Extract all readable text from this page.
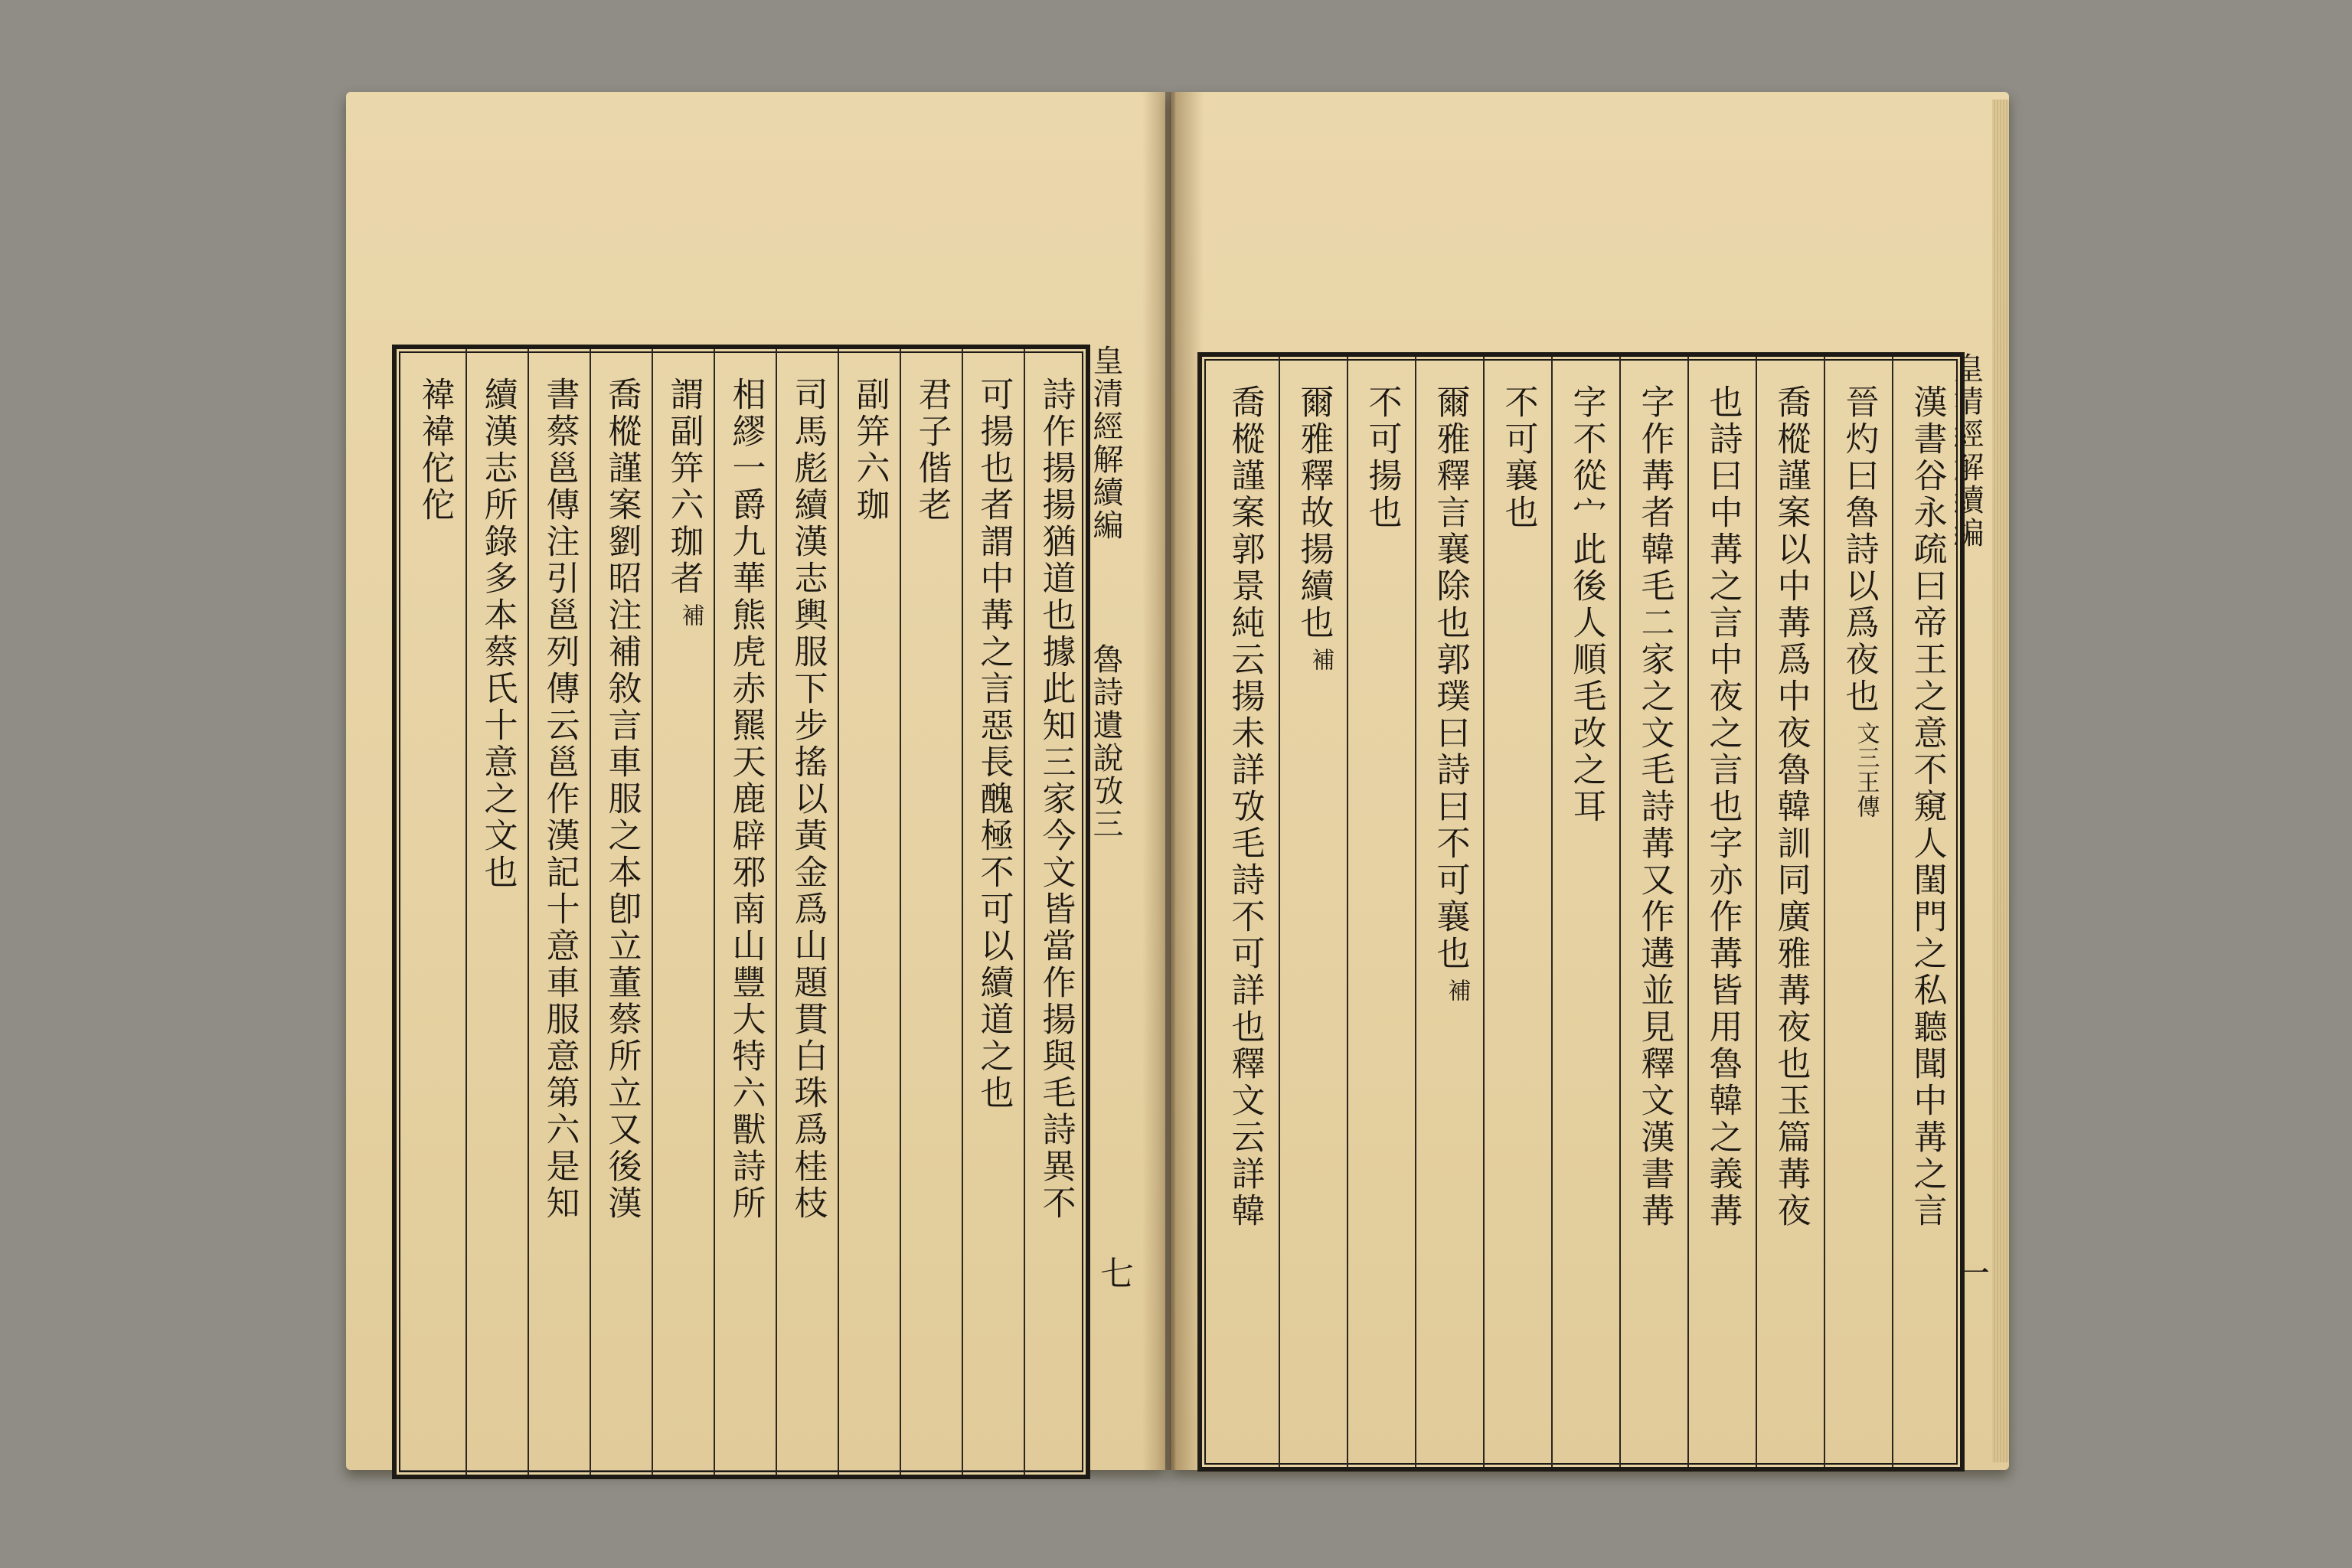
皇清經解續編
魯詩遺說攷三
七
詩作揚揚猶道也據此知三家今文皆當作揚與毛詩異不
可揚也者謂中冓之言惡長醜極不可以續道之也
君子偕老
副笄六珈
司馬彪續漢志輿服下步搖以黃金爲山題貫白珠爲桂枝
相繆一爵九華熊虎赤羆天鹿辟邪南山豐大特六獸詩所
謂副笄六珈者
補
喬樅謹案劉昭注補敘言車服之本卽立董蔡所立又後漢
書蔡邕傳注引邕列傳云邕作漢記十意車服意第六是知
續漢志所錄多本蔡氏十意之文也
褘褘佗佗	皇清經解續編
一
漢書谷永疏曰帝王之意不窺人閨門之私聽聞中冓之言
晉灼曰魯詩以爲夜也
文三王傳
喬樅謹案以中冓爲中夜魯韓訓同廣雅冓夜也玉篇冓夜
也詩曰中冓之言中夜之言也字亦作冓皆用魯韓之義冓
字作冓者韓毛二家之文毛詩冓又作遘並見釋文漢書冓
字不從宀此後人順毛改之耳
不可襄也
爾雅釋言襄除也郭璞曰詩曰不可襄也
補
不可揚也
爾雅釋故揚續也
補
喬樅謹案郭景純云揚未詳攷毛詩不可詳也釋文云詳韓
